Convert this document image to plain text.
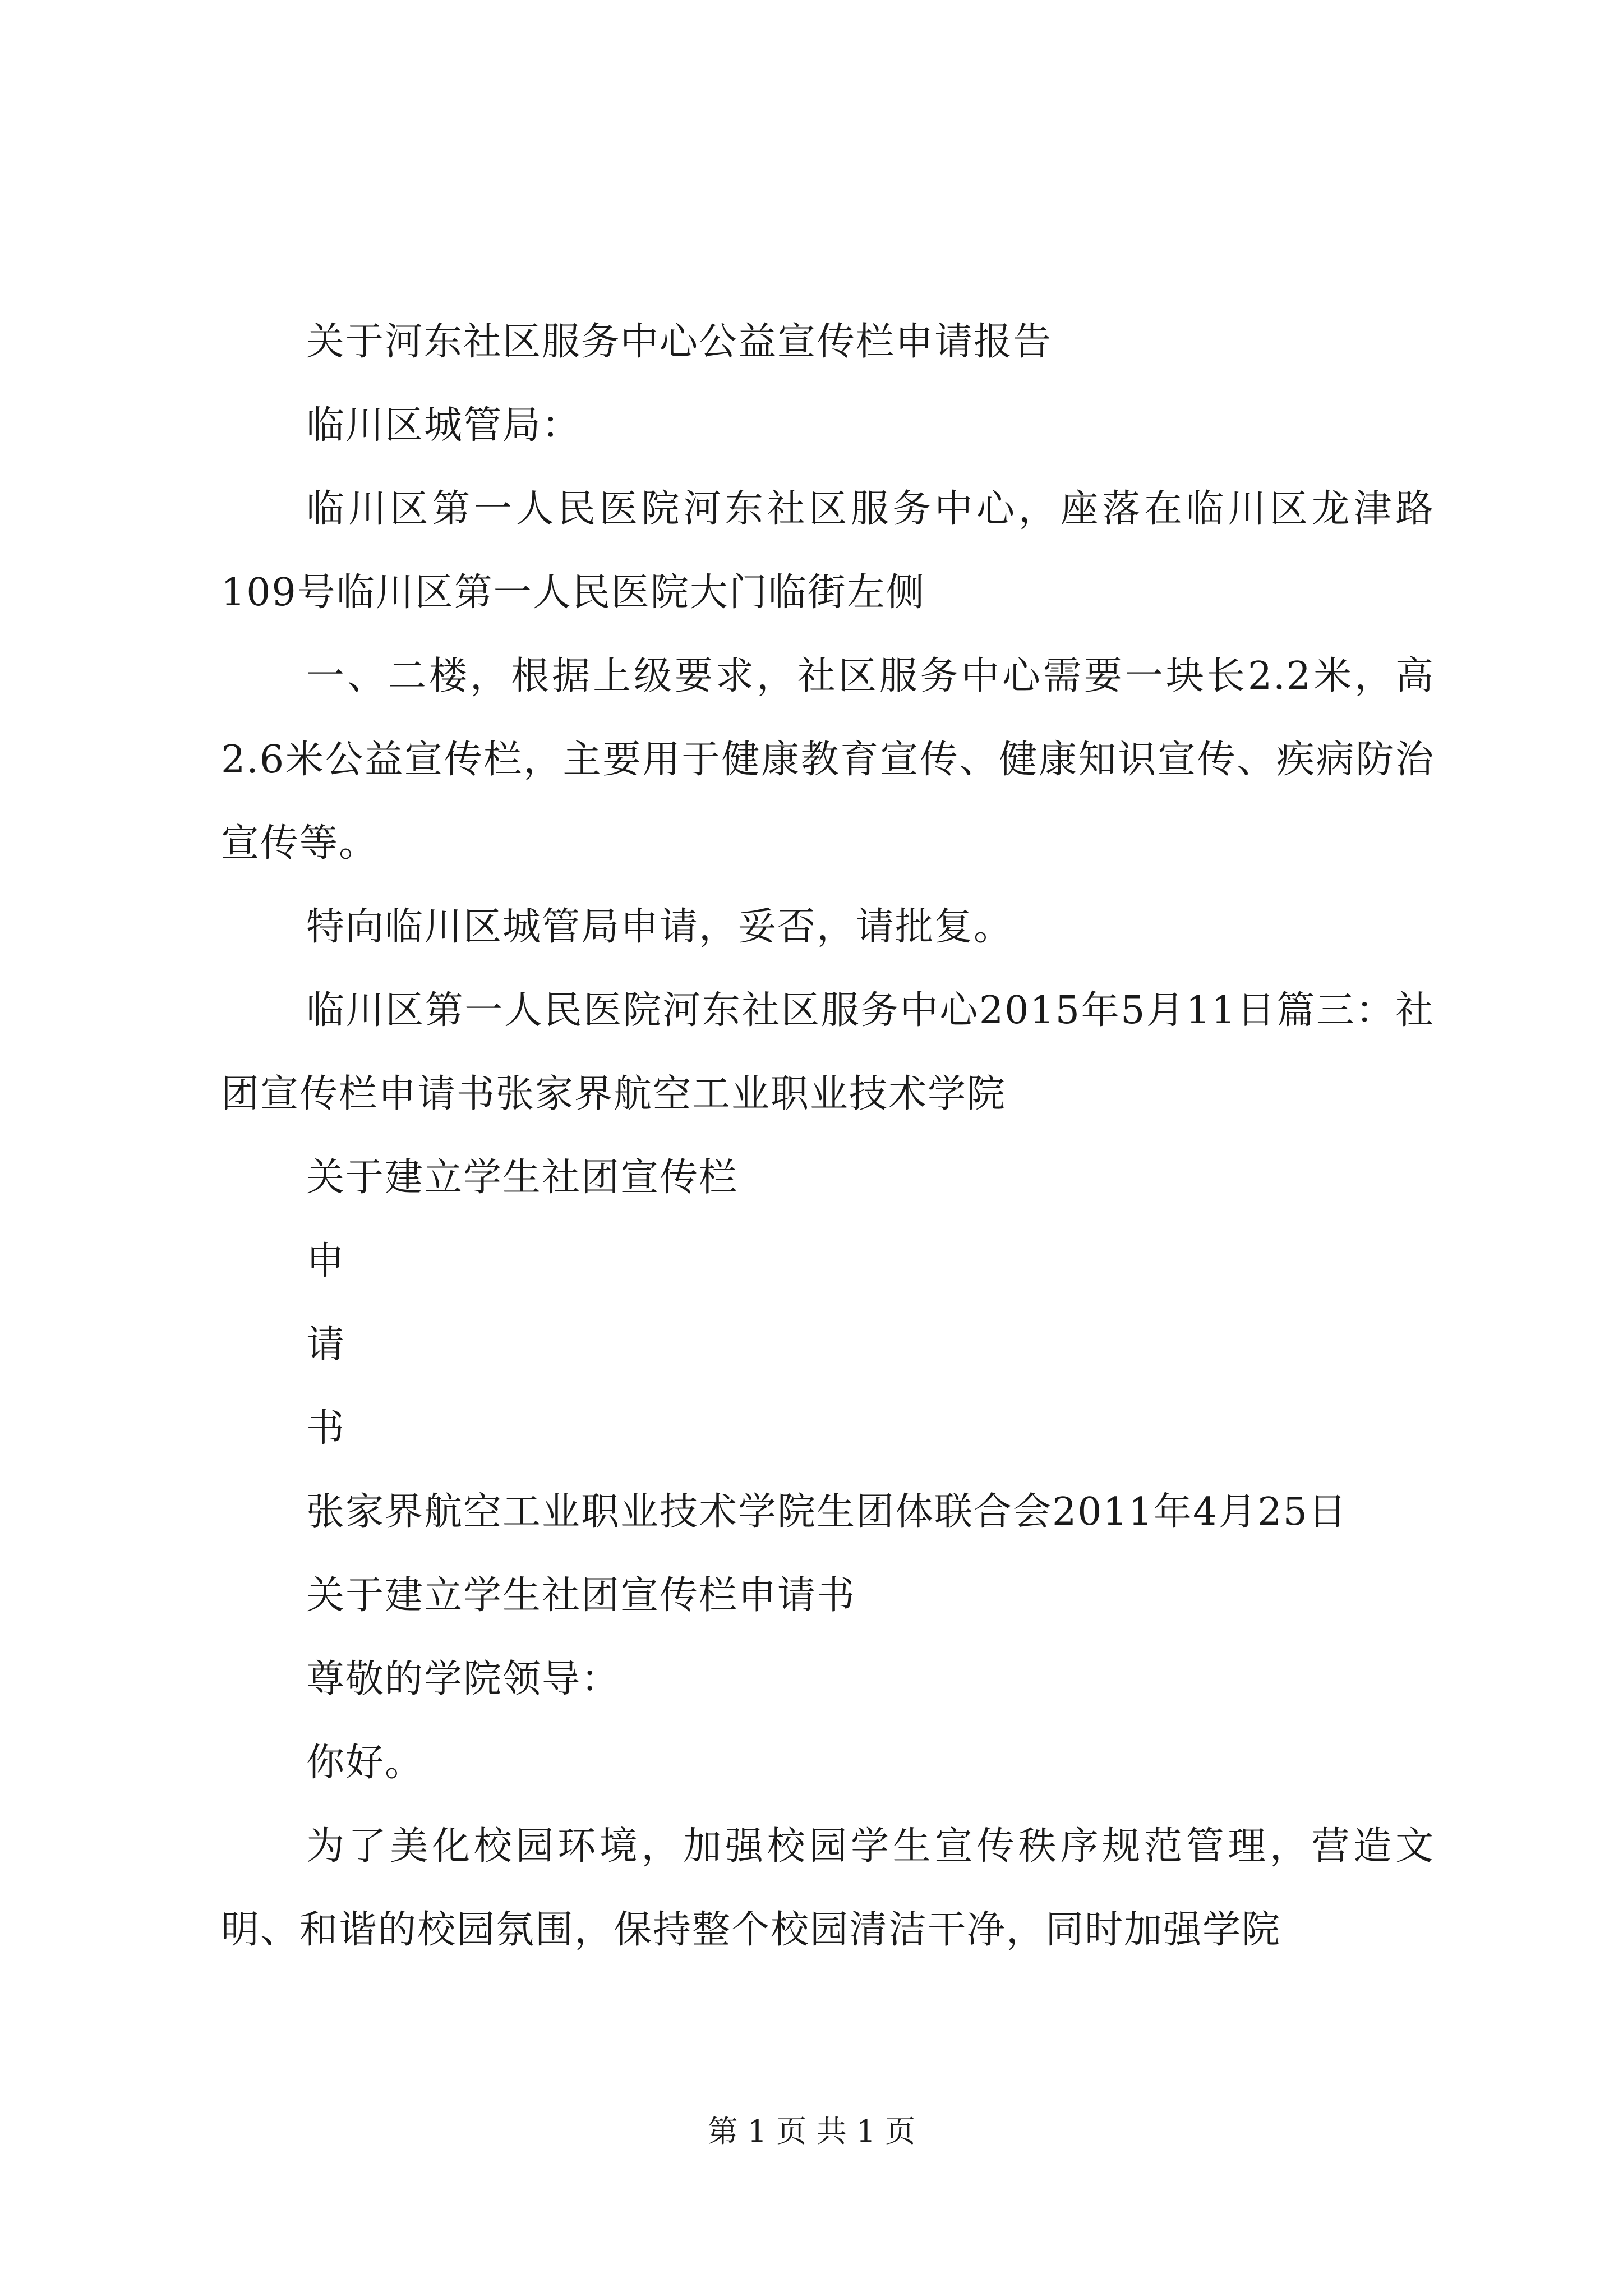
关于河东社区服务中心公益宣传栏申请报告

临川区城管局：

临川区第一人民医院河东社区服务中心，座落在临川区龙津路109号临川区第一人民医院大门临街左侧

一、二楼，根据上级要求，社区服务中心需要一块长2.2米，高2.6米公益宣传栏，主要用于健康教育宣传、健康知识宣传、疾病防治宣传等。

特向临川区城管局申请，妥否，请批复。

临川区第一人民医院河东社区服务中心2015年5月11日篇三：社团宣传栏申请书张家界航空工业职业技术学院

关于建立学生社团宣传栏

申

请

书

张家界航空工业职业技术学院生团体联合会2011年4月25日

关于建立学生社团宣传栏申请书

尊敬的学院领导：

你好。

为了美化校园环境，加强校园学生宣传秩序规范管理，营造文明、和谐的校园氛围，保持整个校园清洁干净，同时加强学院

第 1 页 共 1 页
